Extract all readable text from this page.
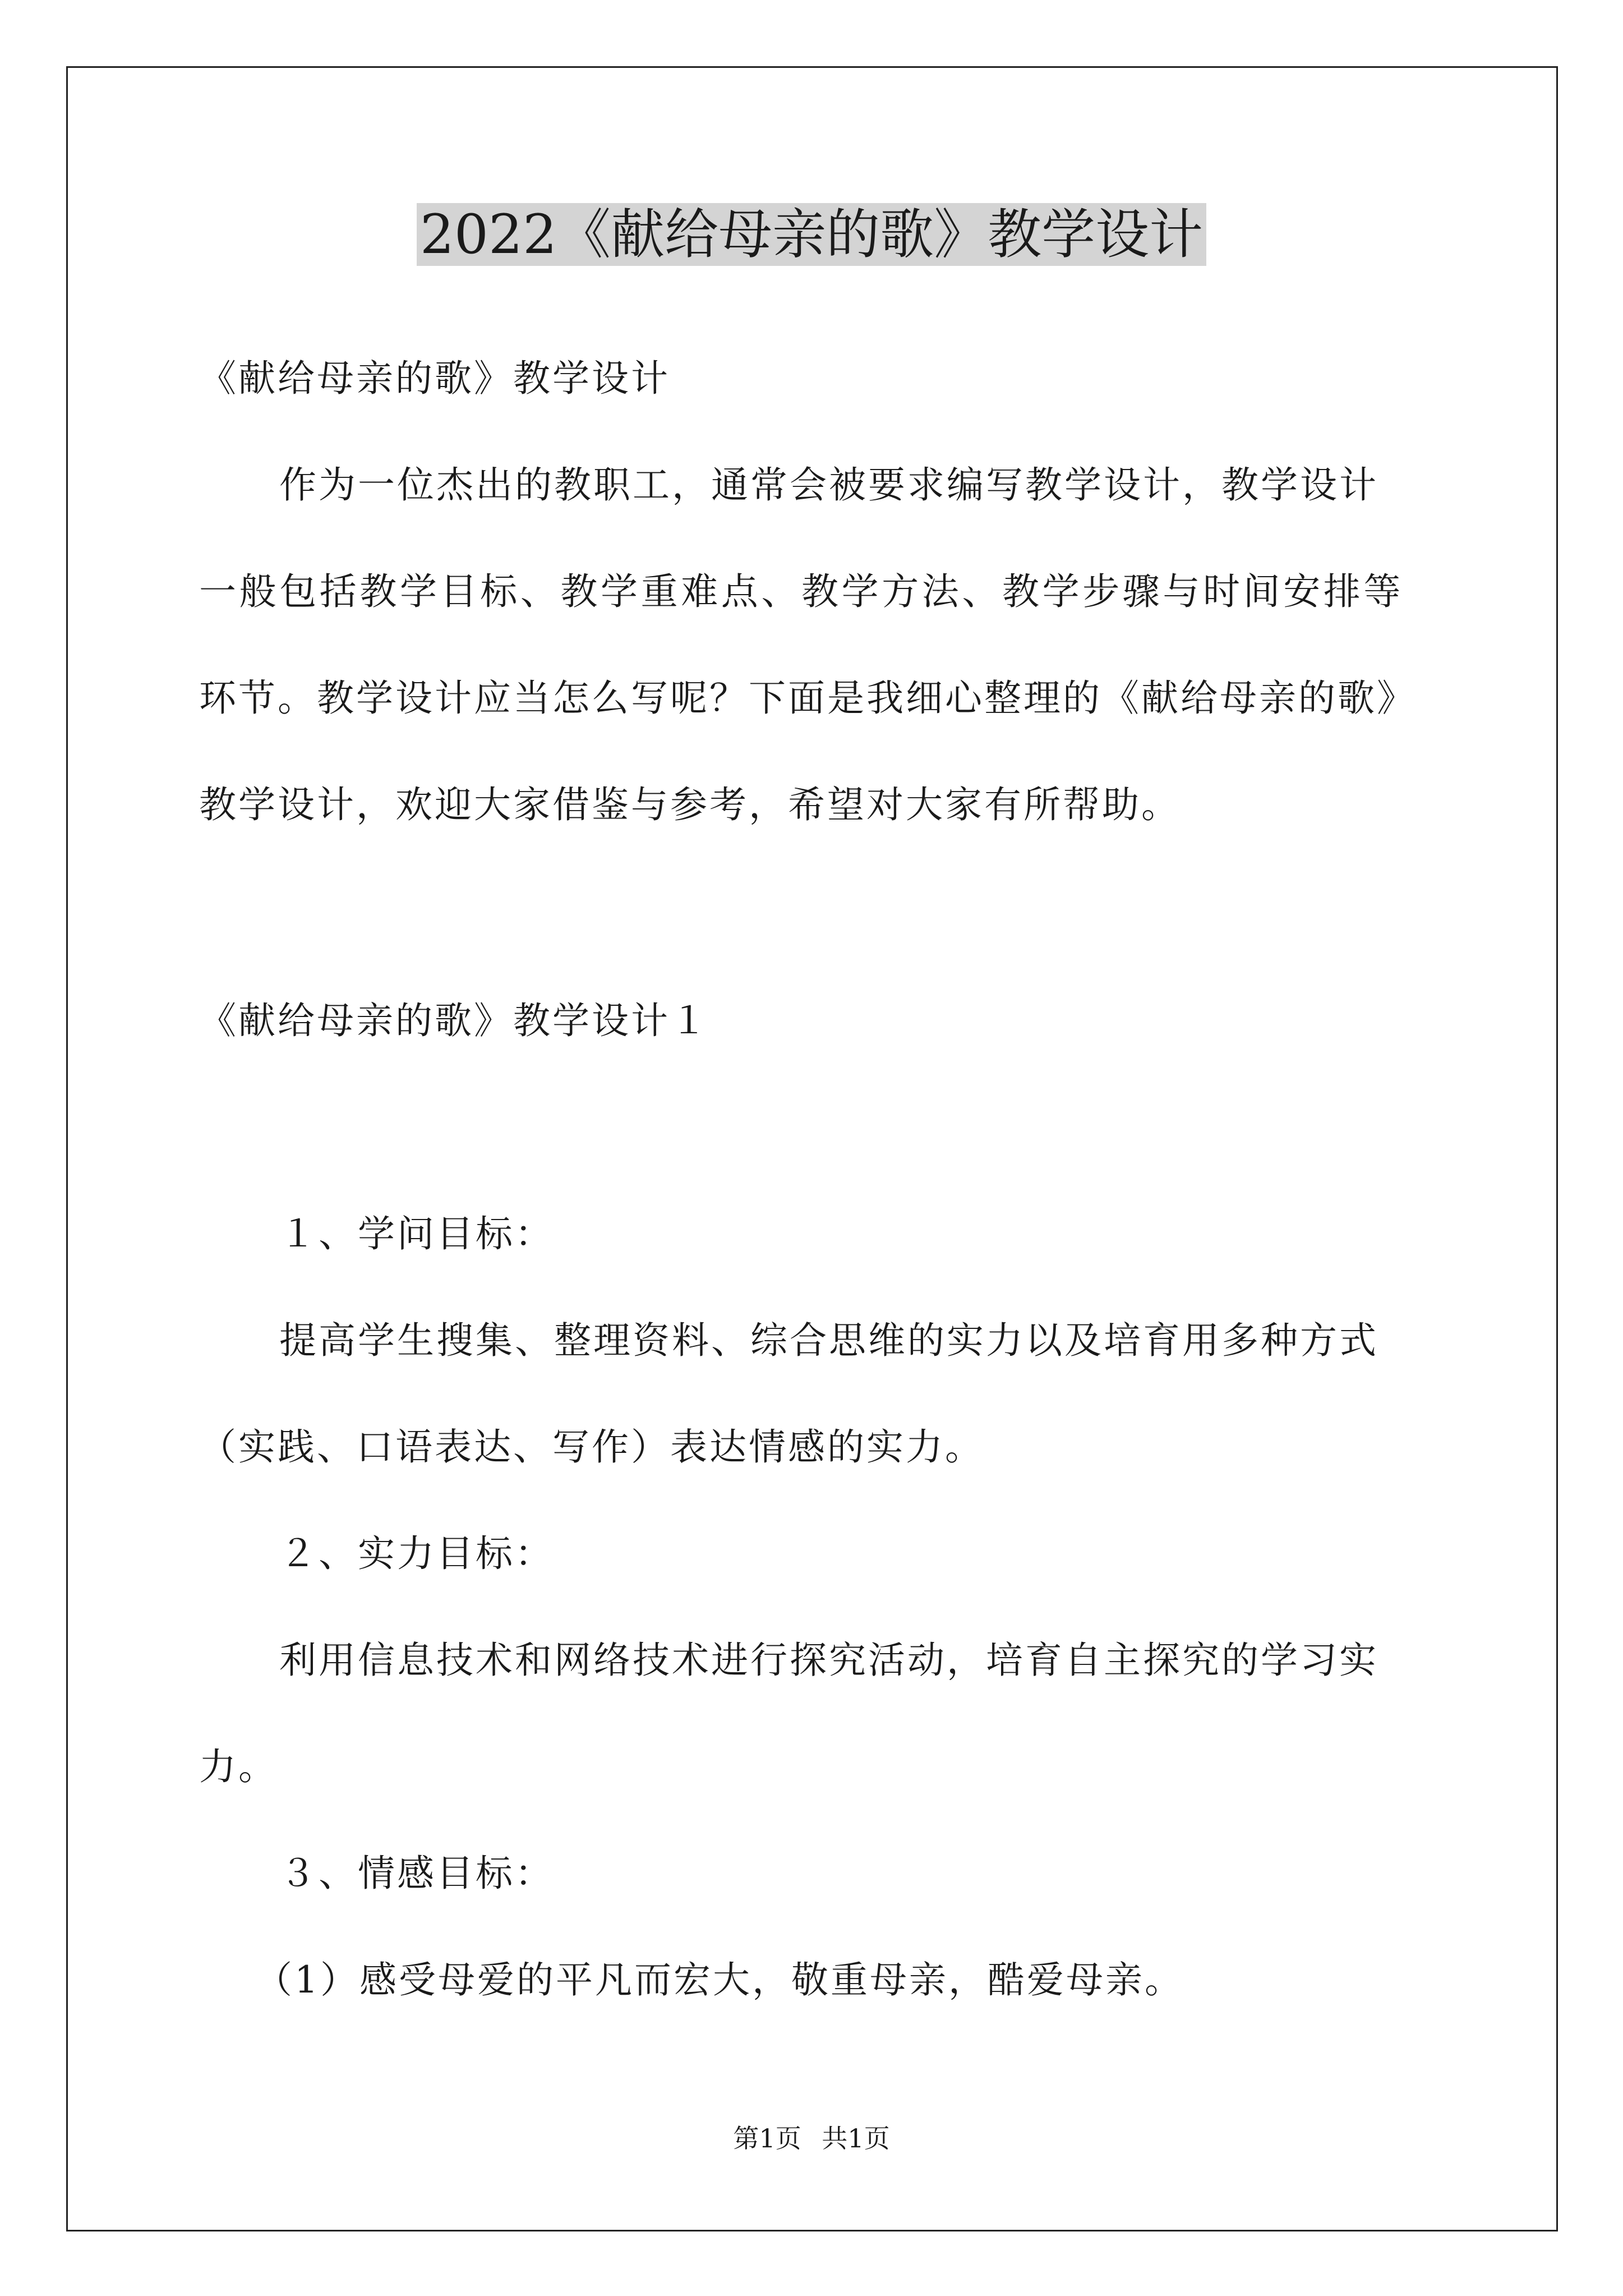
2022《献给母亲的歌》教学设计

《献给母亲的歌》教学设计

作为一位杰出的教职工，通常会被要求编写教学设计，教学设计

一般包括教学目标、教学重难点、教学方法、教学步骤与时间安排等

环节。教学设计应当怎么写呢？下面是我细心整理的《献给母亲的歌》

教学设计，欢迎大家借鉴与参考，希望对大家有所帮助。

《献给母亲的歌》教学设计１

１、学问目标：

提高学生搜集、整理资料、综合思维的实力以及培育用多种方式

（实践、口语表达、写作）表达情感的实力。

２、实力目标：

利用信息技术和网络技术进行探究活动，培育自主探究的学习实

力。

３、情感目标：

（1）感受母爱的平凡而宏大，敬重母亲，酷爱母亲。

第1页 共1页
